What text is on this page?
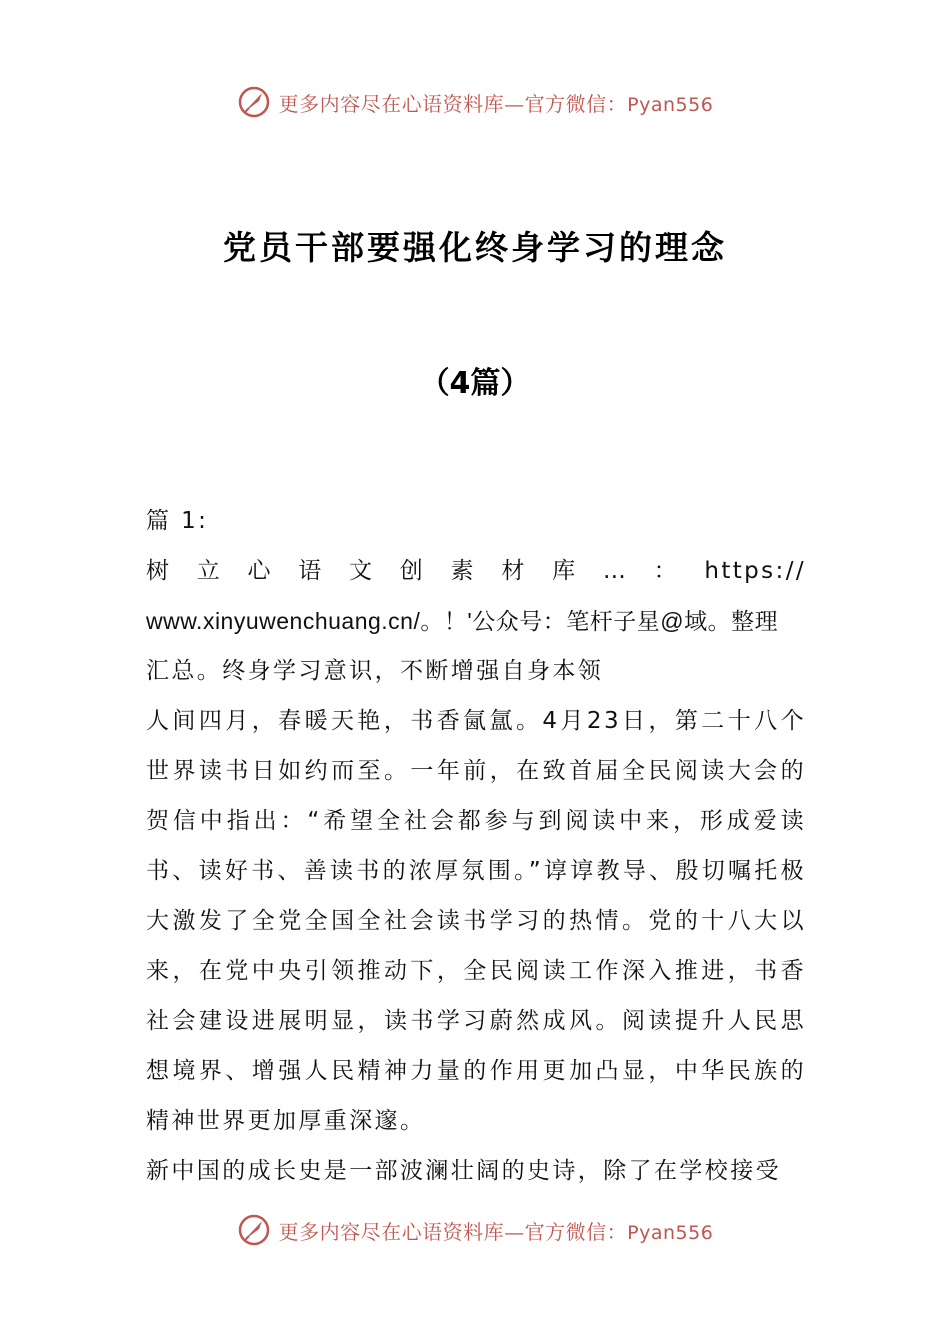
更多内容尽在心语资料库—官方微信：Pyan556
党员干部要强化终身学习的理念
（4篇）

篇 1:

树立心语文创素材库…：https://

www.xinyuwenchuang.cn/。！'公众号：笔杆子星@域。整理

汇总。终身学习意识，不断增强自身本领

人间四月，春暖天艳，书香氤氲。4月23日，第二十八个世界读书日如约而至。一年前，在致首届全民阅读大会的贺信中指出：“希望全社会都参与到阅读中来，形成爱读书、读好书、善读书的浓厚氛围。”谆谆教导、殷切嘱托极大激发了全党全国全社会读书学习的热情。党的十八大以来，在党中央引领推动下，全民阅读工作深入推进，书香社会建设进展明显，读书学习蔚然成风。阅读提升人民思想境界、增强人民精神力量的作用更加凸显，中华民族的精神世界更加厚重深邃。

新中国的成长史是一部波澜壮阔的史诗，除了在学校接受

更多内容尽在心语资料库—官方微信：Pyan556
